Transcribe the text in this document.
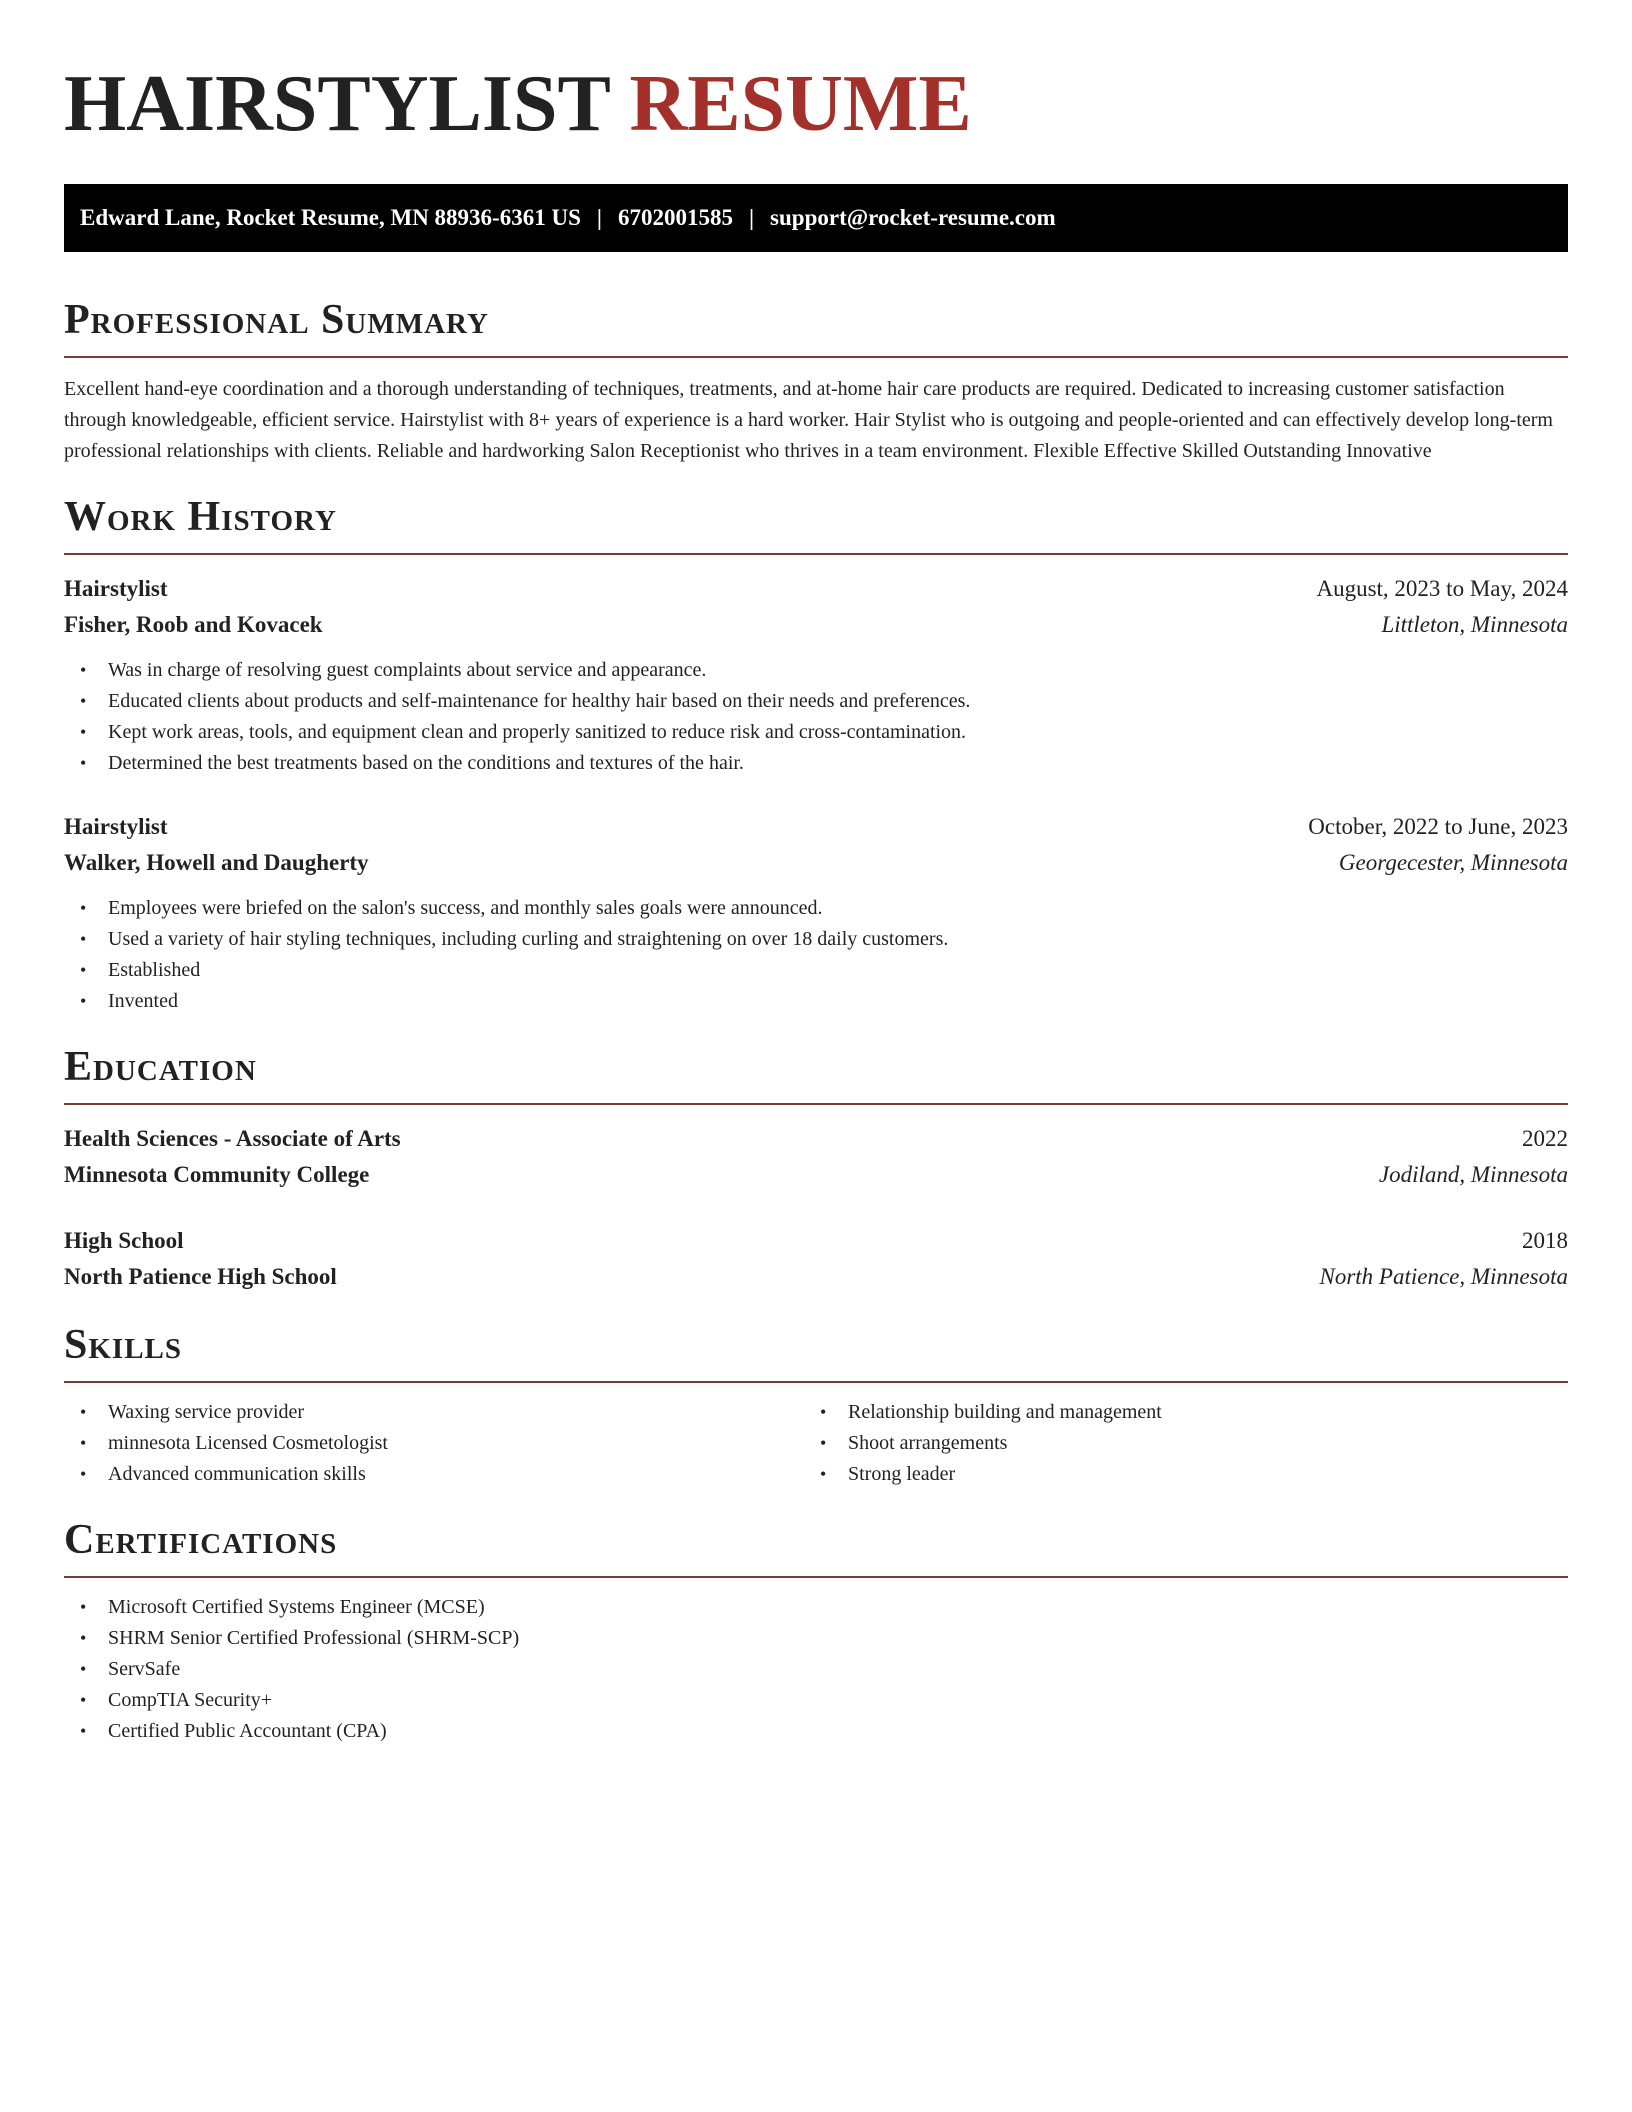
HAIRSTYLIST RESUME
Edward Lane, Rocket Resume, MN 88936-6361 US | 6702001585 | support@rocket-resume.com
Professional Summary

Excellent hand-eye coordination and a thorough understanding of techniques, treatments, and at-home hair care products are required. Dedicated to increasing customer satisfaction through knowledgeable, efficient service. Hairstylist with 8+ years of experience is a hard worker. Hair Stylist who is outgoing and people-oriented and can effectively develop long-term professional relationships with clients. Reliable and hardworking Salon Receptionist who thrives in a team environment. Flexible Effective Skilled Outstanding Innovative

Work History
Hairstylist	August, 2023 to May, 2024
Fisher, Roob and Kovacek	Littleton, Minnesota
• Was in charge of resolving guest complaints about service and appearance.
• Educated clients about products and self-maintenance for healthy hair based on their needs and preferences.
• Kept work areas, tools, and equipment clean and properly sanitized to reduce risk and cross-contamination.
• Determined the best treatments based on the conditions and textures of the hair.
Hairstylist	October, 2022 to June, 2023
Walker, Howell and Daugherty	Georgecester, Minnesota
• Employees were briefed on the salon's success, and monthly sales goals were announced.
• Used a variety of hair styling techniques, including curling and straightening on over 18 daily customers.
• Established
• Invented
Education
Health Sciences - Associate of Arts	2022
Minnesota Community College	Jodiland, Minnesota
High School	2018
North Patience High School	North Patience, Minnesota
Skills
• Waxing service provider
• minnesota Licensed Cosmetologist
• Advanced communication skills
• Relationship building and management
• Shoot arrangements
• Strong leader
Certifications
• Microsoft Certified Systems Engineer (MCSE)
• SHRM Senior Certified Professional (SHRM-SCP)
• ServSafe
• CompTIA Security+
• Certified Public Accountant (CPA)
